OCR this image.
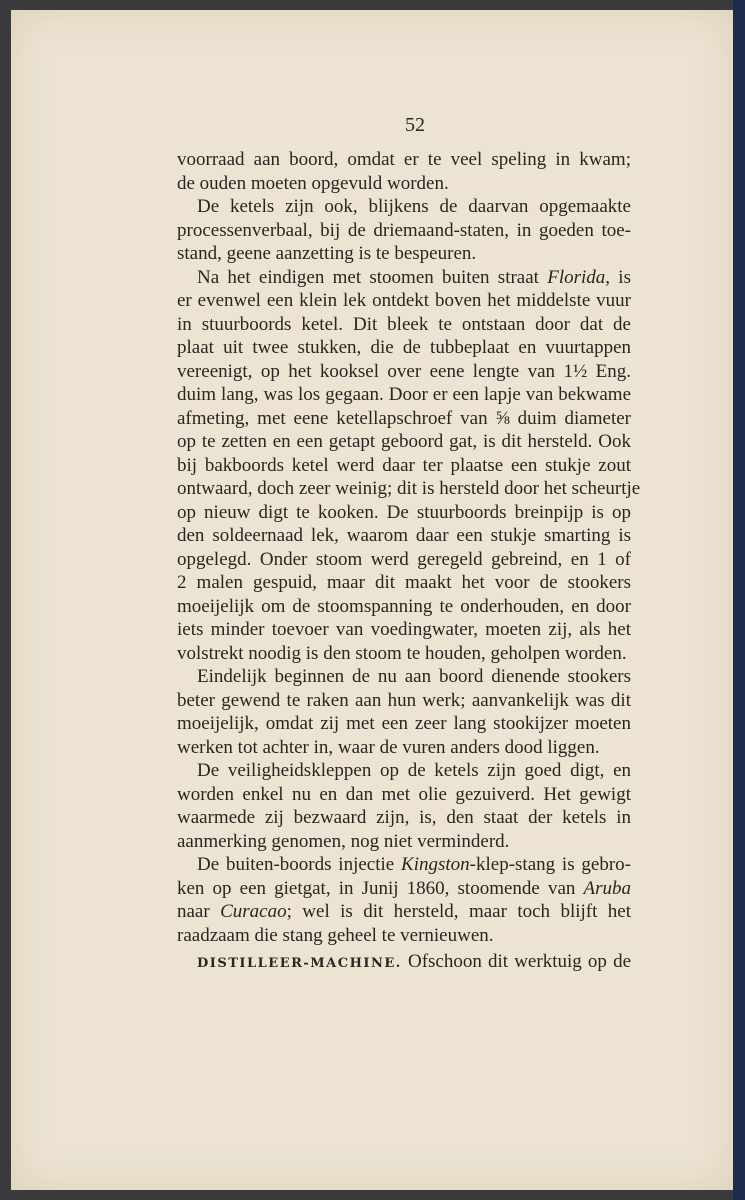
52
voorraad aan boord, omdat er te veel speling in kwam;
de ouden moeten opgevuld worden.
De ketels zijn ook, blijkens de daarvan opgemaakte
processenverbaal, bij de driemaand-staten, in goeden toe-
stand, geene aanzetting is te bespeuren.
Na het eindigen met stoomen buiten straat Florida, is
er evenwel een klein lek ontdekt boven het middelste vuur
in stuurboords ketel. Dit bleek te ontstaan door dat de
plaat uit twee stukken, die de tubbeplaat en vuurtappen
vereenigt, op het kooksel over eene lengte van 1½ Eng.
duim lang, was los gegaan. Door er een lapje van bekwame
afmeting, met eene ketellapschroef van ⅝ duim diameter
op te zetten en een getapt geboord gat, is dit hersteld. Ook
bij bakboords ketel werd daar ter plaatse een stukje zout
ontwaard, doch zeer weinig; dit is hersteld door het scheurtje
op nieuw digt te kooken. De stuurboords breinpijp is op
den soldeernaad lek, waarom daar een stukje smarting is
opgelegd. Onder stoom werd geregeld gebreind, en 1 of
2 malen gespuid, maar dit maakt het voor de stookers
moeijelijk om de stoomspanning te onderhouden, en door
iets minder toevoer van voedingwater, moeten zij, als het
volstrekt noodig is den stoom te houden, geholpen worden.
Eindelijk beginnen de nu aan boord dienende stookers
beter gewend te raken aan hun werk; aanvankelijk was dit
moeijelijk, omdat zij met een zeer lang stookijzer moeten
werken tot achter in, waar de vuren anders dood liggen.
De veiligheidskleppen op de ketels zijn goed digt, en
worden enkel nu en dan met olie gezuiverd. Het gewigt
waarmede zij bezwaard zijn, is, den staat der ketels in
aanmerking genomen, nog niet verminderd.
De buiten-boords injectie Kingston-klep-stang is gebro-
ken op een gietgat, in Junij 1860, stoomende van Aruba
naar Curacao; wel is dit hersteld, maar toch blijft het
raadzaam die stang geheel te vernieuwen.
DISTILLEER-MACHINE. Ofschoon dit werktuig op de
